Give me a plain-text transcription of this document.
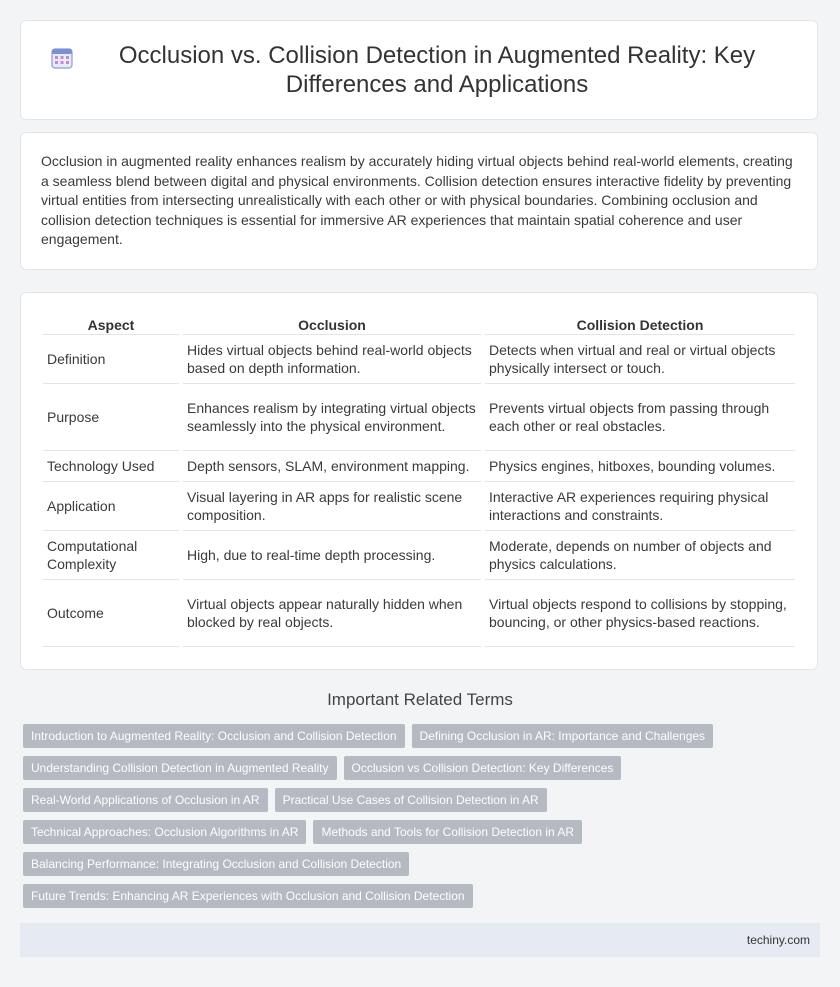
Occlusion vs. Collision Detection in Augmented Reality: Key Differences and Applications

Occlusion in augmented reality enhances realism by accurately hiding virtual objects behind real-world elements, creating a seamless blend between digital and physical environments. Collision detection ensures interactive fidelity by preventing virtual entities from intersecting unrealistically with each other or with physical boundaries. Combining occlusion and collision detection techniques is essential for immersive AR experiences that maintain spatial coherence and user engagement.

Aspect	Occlusion	Collision Detection
Definition	Hides virtual objects behind real-world objects based on depth information.	Detects when virtual and real or virtual objects physically intersect or touch.
Purpose	Enhances realism by integrating virtual objects seamlessly into the physical environment.	Prevents virtual objects from passing through each other or real obstacles.
Technology Used	Depth sensors, SLAM, environment mapping.	Physics engines, hitboxes, bounding volumes.
Application	Visual layering in AR apps for realistic scene composition.	Interactive AR experiences requiring physical interactions and constraints.
Computational Complexity	High, due to real-time depth processing.	Moderate, depends on number of objects and physics calculations.
Outcome	Virtual objects appear naturally hidden when blocked by real objects.	Virtual objects respond to collisions by stopping, bouncing, or other physics-based reactions.
Important Related Terms
Introduction to Augmented Reality: Occlusion and Collision Detection	Defining Occlusion in AR: Importance and Challenges
Understanding Collision Detection in Augmented Reality	Occlusion vs Collision Detection: Key Differences
Real-World Applications of Occlusion in AR	Practical Use Cases of Collision Detection in AR
Technical Approaches: Occlusion Algorithms in AR	Methods and Tools for Collision Detection in AR
Balancing Performance: Integrating Occlusion and Collision Detection
Future Trends: Enhancing AR Experiences with Occlusion and Collision Detection
techiny.com
